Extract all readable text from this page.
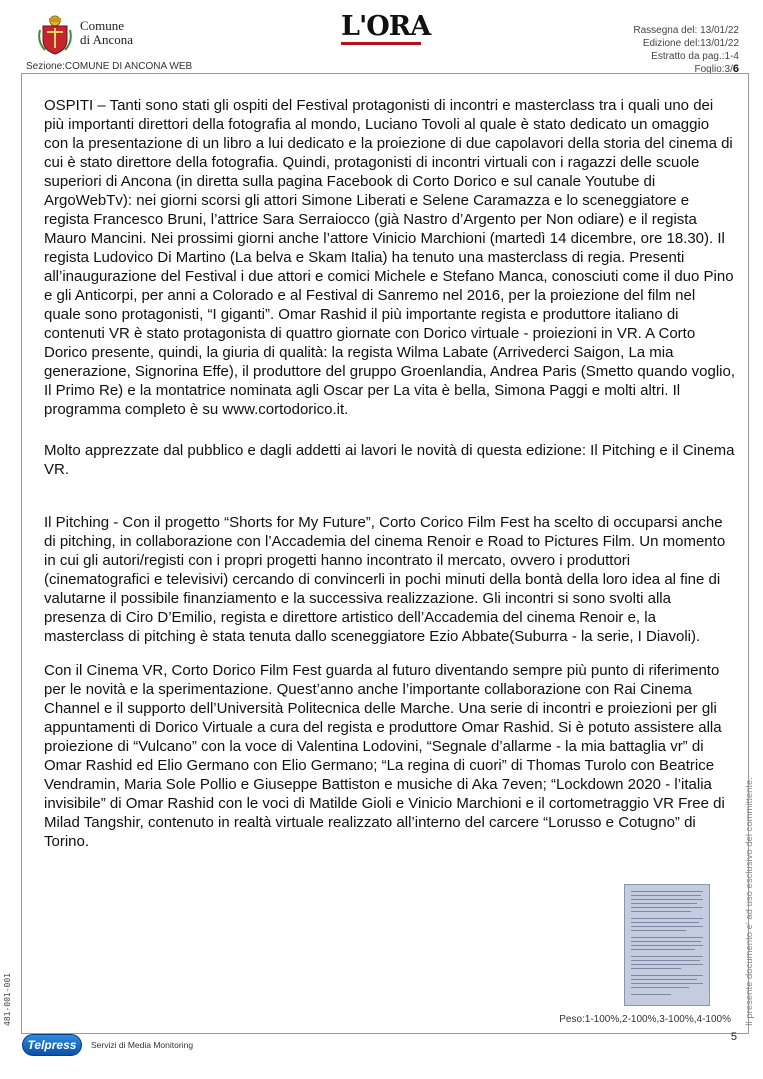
Comune
di Ancona
Sezione:COMUNE DI ANCONA WEB
L'ORA	Rassegna del: 13/01/22
Edizione del:13/01/22
Estratto da pag.:1-4
Foglio:3/6

OSPITI – Tanti sono stati gli ospiti del Festival protagonisti di incontri e masterclass tra i quali uno dei più importanti direttori della fotografia al mondo, Luciano Tovoli al quale è stato dedicato un omaggio con la presentazione di un libro a lui dedicato e la proiezione di due capolavori della storia del cinema di cui è stato direttore della fotografia. Quindi, protagonisti di incontri virtuali con i ragazzi delle scuole superiori di Ancona (in diretta sulla pagina Facebook di Corto Dorico e sul canale Youtube di ArgoWebTv): nei giorni scorsi gli attori Simone Liberati e Selene Caramazza e lo sceneggiatore e regista Francesco Bruni, l’attrice Sara Serraiocco (già Nastro d’Argento per Non odiare) e il regista Mauro Mancini. Nei prossimi giorni anche l’attore Vinicio Marchioni (martedì 14 dicembre, ore 18.30). Il regista Ludovico Di Martino (La belva e Skam Italia) ha tenuto una masterclass di regia. Presenti all’inaugurazione del Festival i due attori e comici Michele e Stefano Manca, conosciuti come il duo Pino e gli Anticorpi, per anni a Colorado e al Festival di Sanremo nel 2016, per la proiezione del film nel quale sono protagonisti, “I giganti”. Omar Rashid il più importante regista e produttore italiano di contenuti VR è stato protagonista di quattro giornate con Dorico virtuale - proiezioni in VR. A Corto Dorico presente, quindi, la giuria di qualità: la regista Wilma Labate (Arrivederci Saigon, La mia generazione, Signorina Effe), il produttore del gruppo Groenlandia, Andrea Paris (Smetto quando voglio, Il Primo Re) e la montatrice nominata agli Oscar per La vita è bella, Simona Paggi e molti altri. Il programma completo è su www.cortodorico.it.

Molto apprezzate dal pubblico e dagli addetti ai lavori le novità di questa edizione: Il Pitching e il Cinema VR.

Il Pitching - Con il progetto “Shorts for My Future”, Corto Corico Film Fest ha scelto di occuparsi anche di pitching, in collaborazione con l’Accademia del cinema Renoir e Road to Pictures Film. Un momento in cui gli autori/registi con i propri progetti hanno incontrato il mercato, ovvero i produttori (cinematografici e televisivi) cercando di convincerli in pochi minuti della bontà della loro idea al fine di valutarne il possibile finanziamento e la successiva realizzazione. Gli incontri si sono svolti alla presenza di Ciro D’Emilio, regista e direttore artistico dell’Accademia del cinema Renoir e, la masterclass di pitching è stata tenuta dallo sceneggiatore Ezio Abbate(Suburra - la serie, I Diavoli).

Con il Cinema VR, Corto Dorico Film Fest guarda al futuro diventando sempre più punto di riferimento per le novità e la sperimentazione. Quest’anno anche l’importante collaborazione con Rai Cinema Channel e il supporto dell’Università Politecnica delle Marche. Una serie di incontri e proiezioni per gli appuntamenti di Dorico Virtuale a cura del regista e produttore Omar Rashid. Si è potuto assistere alla proiezione di “Vulcano” con la voce di Valentina Lodovini, “Segnale d’allarme - la mia battaglia vr” di Omar Rashid ed Elio Germano con Elio Germano; “La regina di cuori” di Thomas Turolo con Beatrice Vendramin, Maria Sole Pollio e Giuseppe Battiston e musiche di Aka 7even; “Lockdown 2020 - l’italia invisibile” di Omar Rashid con le voci di Matilde Gioli e Vinicio Marchioni e il cortometraggio VR Free di Milad Tangshir, contenuto in realtà virtuale realizzato all’interno del carcere “Lorusso e Cotugno” di Torino.

Peso:1-100%,2-100%,3-100%,4-100% Il presente documento e' ad uso esclusivo del committente.
481-001-001
5
Telpress	Servizi di Media Monitoring
